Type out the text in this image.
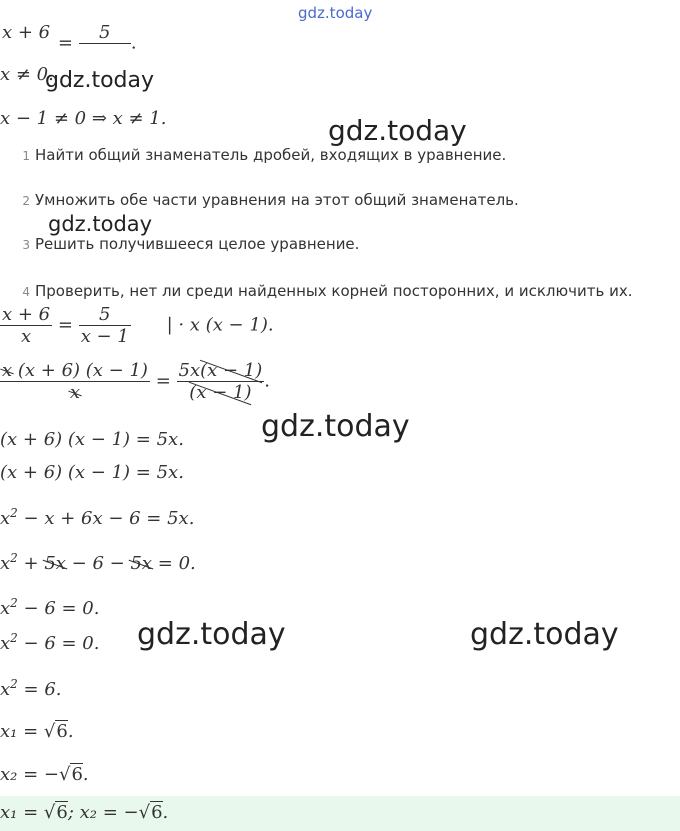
gdz.today
gdz.today
gdz.today
gdz.today
gdz.today
gdz.today	gdz.today
x + 6 =	5	.
x ≠ 0.
x − 1 ≠ 0 ⇒ x ≠ 1.
1 Найти общий знаменатель дробей, входящих в уравнение.
2 Умножить обе части уравнения на этот общий знаменатель.
3 Решить получившееся целое уравнение.
4 Проверить, нет ли среди найденных корней посторонних, и исключить их.
$\frac{x + 6}{x} = \frac{5}{x - 1}$ | · x (x − 1).
$\frac{x (x + 6) (x - 1)}{x} = \frac{5x(x - 1)}{(x - 1)}$ .
(x + 6) (x − 1) = 5x.
(x + 6) (x − 1) = 5x.
$x^2 - x + 6x - 6 = 5x$.
$x^2 + 5x - 6 - 5x = 0$.
$x^2 - 6 = 0$.
$x^2 - 6 = 0$.
$x^2 = 6$.
x₁ = √6.
x₂ = −√6.
x₁ = √6; x₂ = −√6.
